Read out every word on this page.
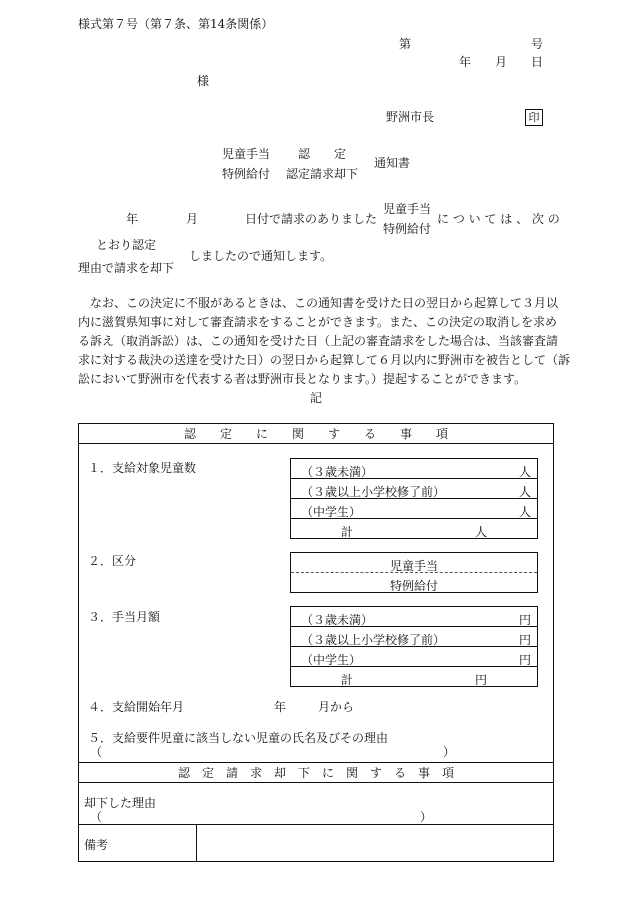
様式第７号（第７条、第14条関係）
第	号
年 月 日
様
野洲市長	印
児童手当 認　　定
特例給付 認定請求却下
通知書
年	月	日付で請求のありました
児童手当
特例給付
に つ い て は 、 次 の
とおり認定
理由で請求を却下
しましたので通知します。
なお、この決定に不服があるときは、この通知書を受けた日の翌日から起算して３月以
内に滋賀県知事に対して審査請求をすることができます。また、この決定の取消しを求め
る訴え（取消訴訟）は、この通知を受けた日（上記の審査請求をした場合は、当該審査請
求に対する裁決の送達を受けた日）の翌日から起算して６月以内に野洲市を被告として（訴
訟において野洲市を代表する者は野洲市長となります。）提起することができます。
記
認　　定　　に　　関　　す　　る　　事　　項
１．支給対象児童数	（３歳未満）	人
（３歳以上小学校修了前）	人
（中学生）	人
計	人
２．区分	児童手当
特例給付
３．手当月額	（３歳未満）	円
（３歳以上小学校修了前）	円
（中学生）	円
計	円
４．支給開始年月	年	月から
５．支給要件児童に該当しない児童の氏名及びその理由
（	）
認　定　請　求　却　下　に　関　す　る　事　項
却下した理由
（	）
備考
